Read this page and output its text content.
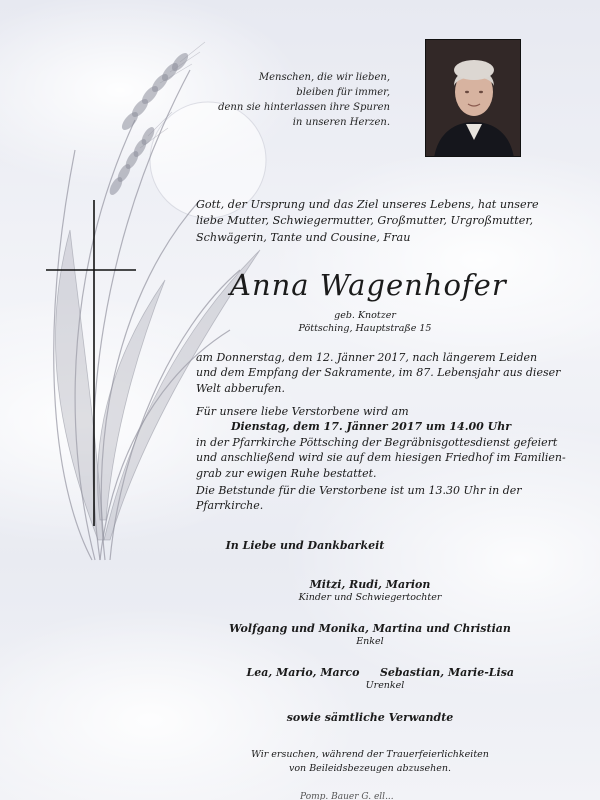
Menschen, die wir lieben,
bleiben für immer,
denn sie hinterlassen ihre Spuren
in unseren Herzen.
Gott, der Ursprung und das Ziel unseres Lebens, hat unsere
liebe Mutter, Schwiegermutter, Großmutter, Urgroßmutter,
Schwägerin, Tante und Cousine, Frau
Anna Wagenhofer
geb. Knotzer
Pöttsching, Hauptstraße 15
am Donnerstag, dem 12. Jänner 2017, nach längerem Leiden
und dem Empfang der Sakramente, im 87. Lebensjahr aus dieser
Welt abberufen.
Für unsere liebe Verstorbene wird am
Dienstag, dem 17. Jänner 2017 um 14.00 Uhr
in der Pfarrkirche Pöttsching der Begräbnisgottesdienst gefeiert
und anschließend wird sie auf dem hiesigen Friedhof im Familien-
grab zur ewigen Ruhe bestattet.
Die Betstunde für die Verstorbene ist um 13.30 Uhr in der
Pfarrkirche.
In Liebe und Dankbarkeit
Mitzi, Rudi, Marion
Kinder und Schwiegertochter
Wolfgang und Monika, Martina und Christian
Enkel
Lea, Mario, Marco	Sebastian, Marie-Lisa
Urenkel
sowie sämtliche Verwandte
Wir ersuchen, während der Trauerfeierlichkeiten
von Beileidsbezeugen abzusehen.
Pomp. Bauer G. ell...
